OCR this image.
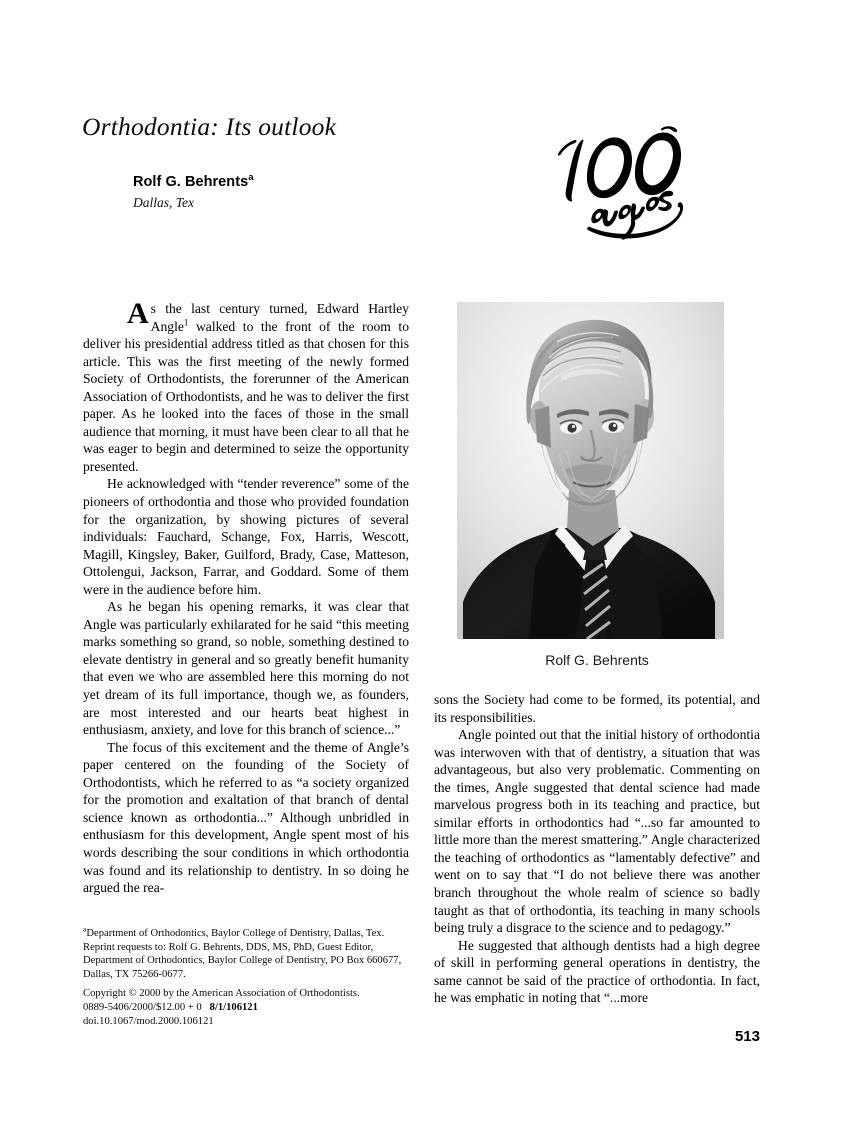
Orthodontia: Its outlook
Rolf G. Behrents$^a$
Dallas, Tex
Rolf G. Behrents

As the last century turned, Edward Hartley Angle$^1$ walked to the front of the room to deliver his presidential address titled as that chosen for this article. This was the first meeting of the newly formed Society of Orthodontists, the forerunner of the American Association of Orthodontists, and he was to deliver the first paper. As he looked into the faces of those in the small audience that morning, it must have been clear to all that he was eager to begin and determined to seize the opportunity presented.

He acknowledged with “tender reverence” some of the pioneers of orthodontia and those who provided foundation for the organization, by showing pictures of several individuals: Fauchard, Schange, Fox, Harris, Wescott, Magill, Kingsley, Baker, Guilford, Brady, Case, Matteson, Ottolengui, Jackson, Farrar, and Goddard. Some of them were in the audience before him.

As he began his opening remarks, it was clear that Angle was particularly exhilarated for he said “this meeting marks something so grand, so noble, something destined to elevate dentistry in general and so greatly benefit humanity that even we who are assembled here this morning do not yet dream of its full importance, though we, as founders, are most interested and our hearts beat highest in enthusiasm, anxiety, and love for this branch of science...”

The focus of this excitement and the theme of Angle’s paper centered on the founding of the Society of Orthodontists, which he referred to as “a society organized for the promotion and exaltation of that branch of dental science known as orthodontia...” Although unbridled in enthusiasm for this development, Angle spent most of his words describing the sour conditions in which orthodontia was found and its relationship to dentistry. In so doing he argued the rea-

sons the Society had come to be formed, its potential, and its responsibilities.

Angle pointed out that the initial history of orthodontia was interwoven with that of dentistry, a situation that was advantageous, but also very problematic. Commenting on the times, Angle suggested that dental science had made marvelous progress both in its teaching and practice, but similar efforts in orthodontics had “...so far amounted to little more than the merest smattering.” Angle characterized the teaching of orthodontics as “lamentably defective” and went on to say that “I do not believe there was another branch throughout the whole realm of science so badly taught as that of orthodontia, its teaching in many schools being truly a disgrace to the science and to pedagogy.”

He suggested that although dentists had a high degree of skill in performing general operations in dentistry, the same cannot be said of the practice of orthodontia. In fact, he was emphatic in noting that “...more

$^a$Department of Orthodontics, Baylor College of Dentistry, Dallas, Tex.

Reprint requests to: Rolf G. Behrents, DDS, MS, PhD, Guest Editor, Department of Orthodontics, Baylor College of Dentistry, PO Box 660677, Dallas, TX 75266-0677.

Copyright © 2000 by the American Association of Orthodontists.

0889-5406/2000/$12.00 + 0 8/1/106121

doi.10.1067/mod.2000.106121

513
